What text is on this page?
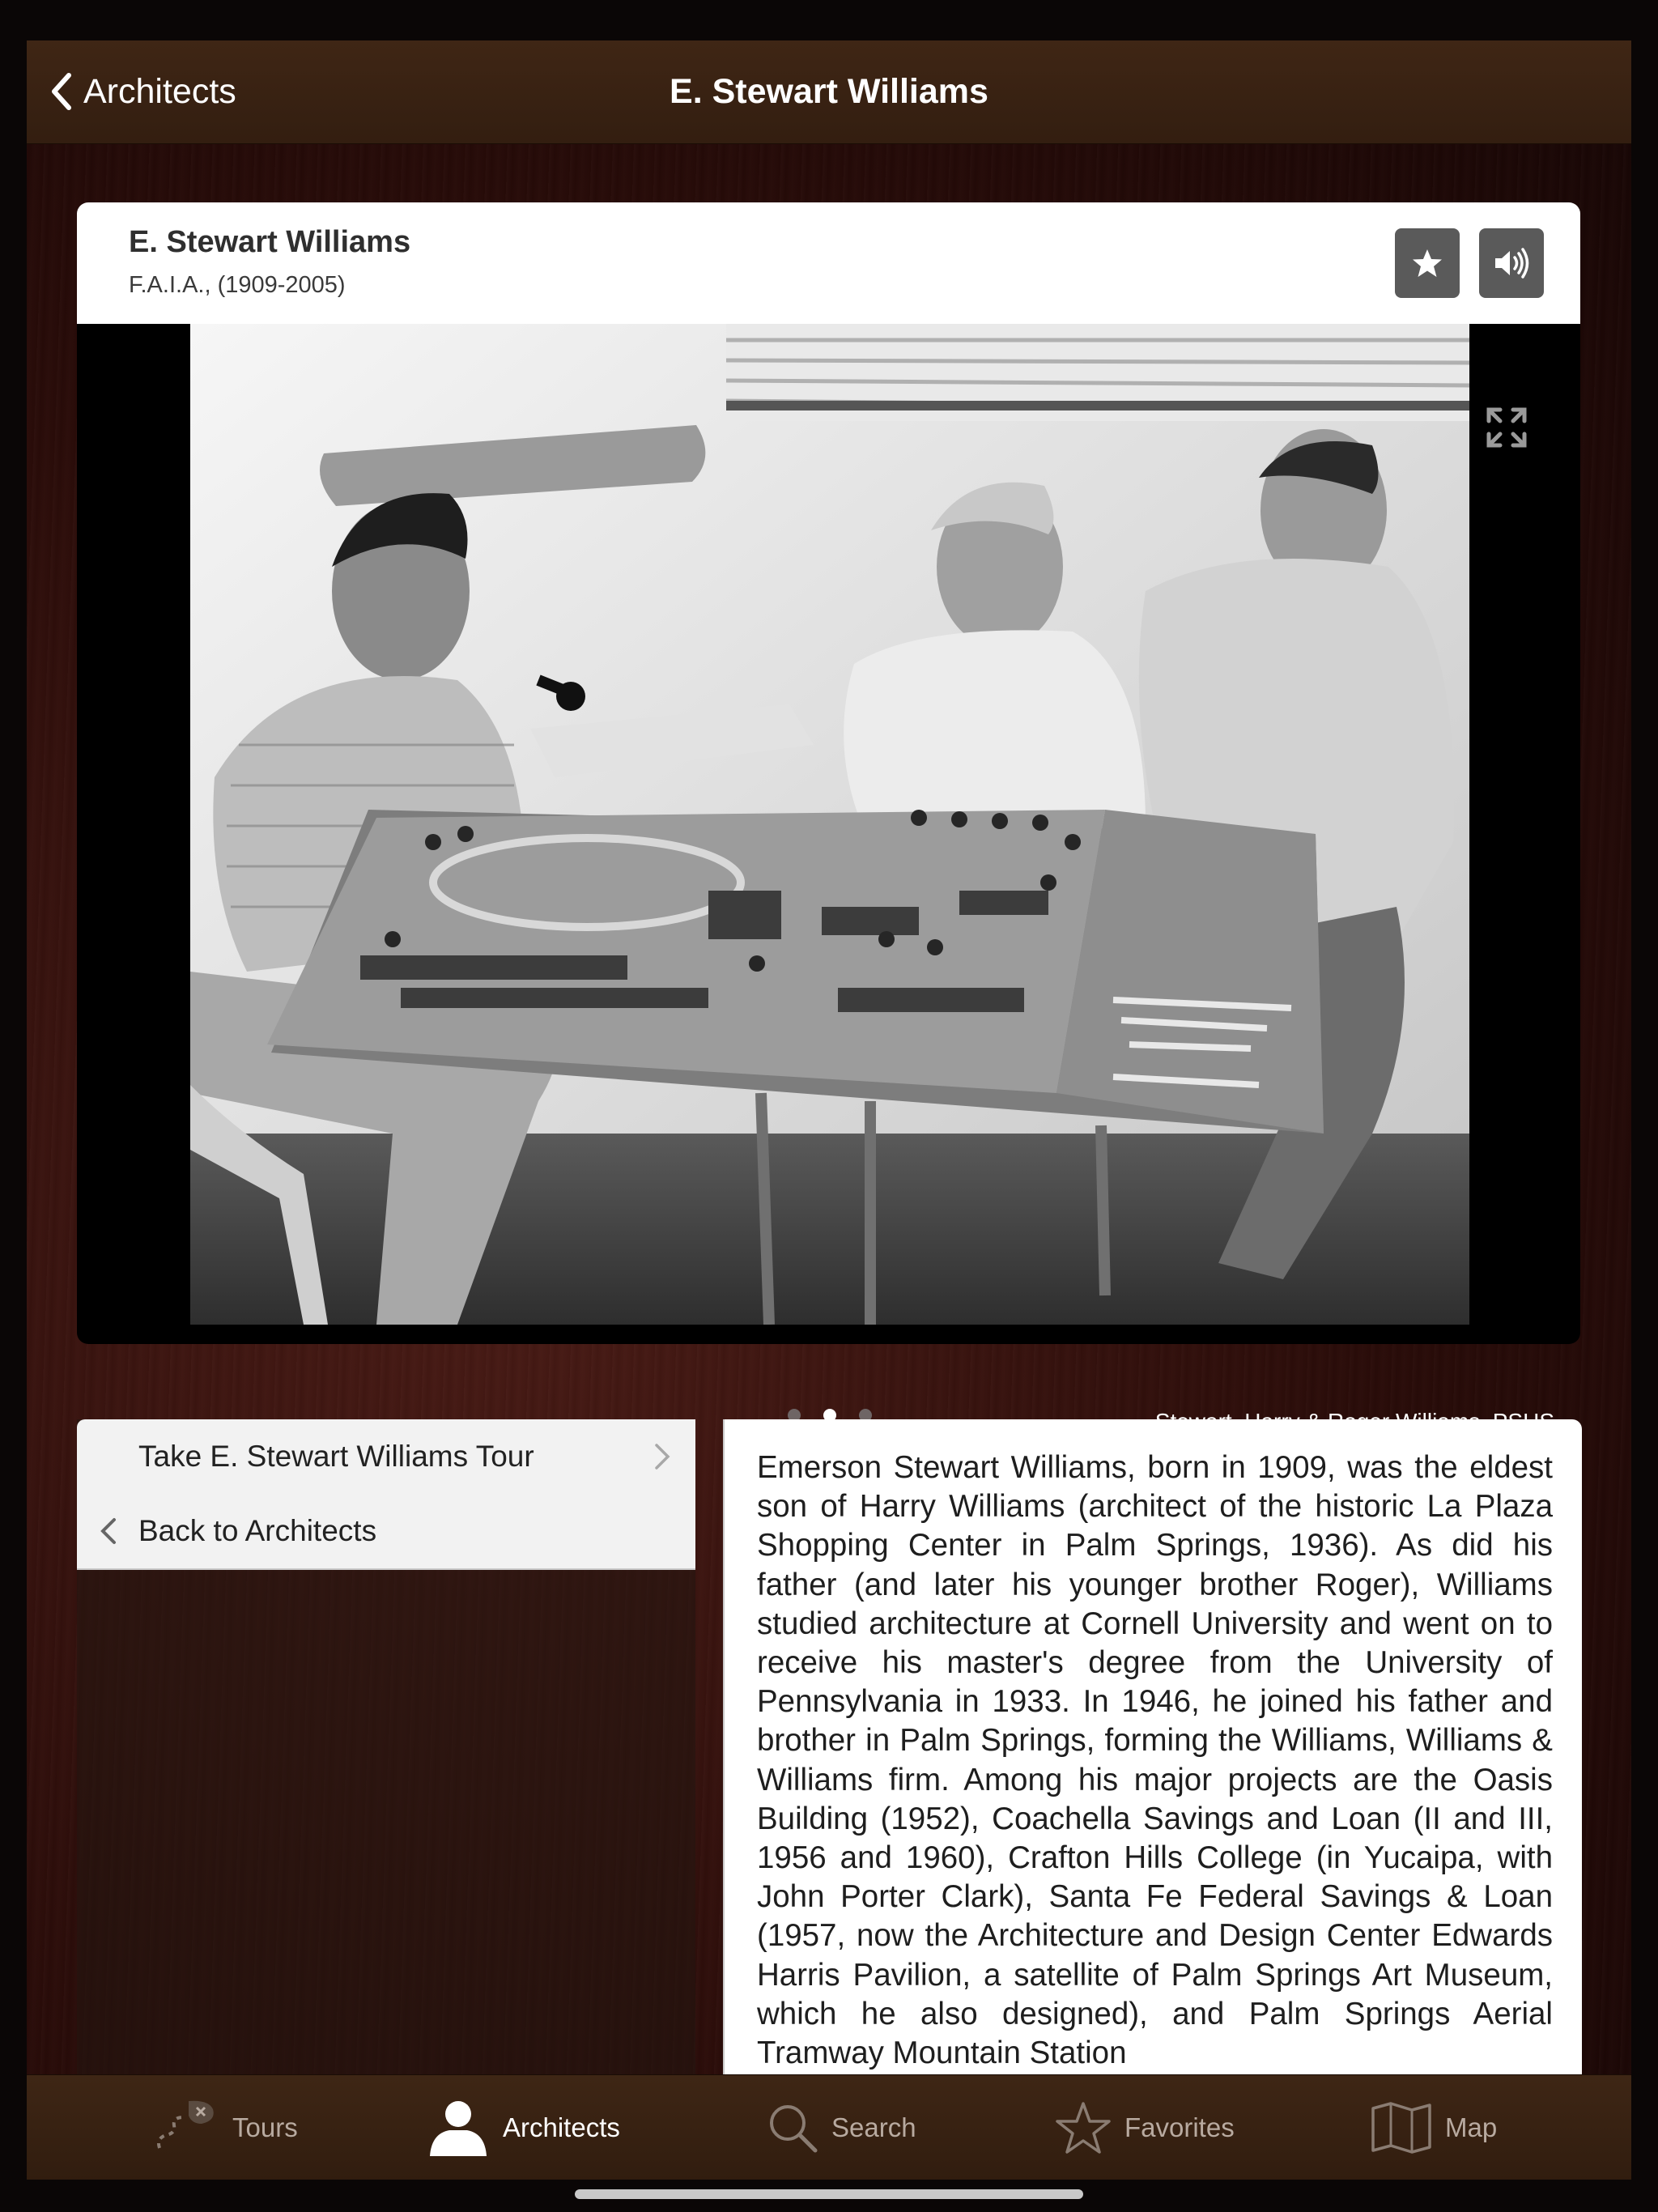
Architects	E. Stewart Williams
E. Stewart Williams
F.A.I.A., (1909-2005)
Take E. Stewart Williams Tour
Back to Architects

Emerson Stewart Williams, born in 1909, was the eldest son of Harry Williams (architect of the historic La Plaza Shopping Center in Palm Springs, 1936). As did his father (and later his younger brother Roger), Williams studied architecture at Cornell University and went on to receive his master's degree from the University of Pennsylvania in 1933. In 1946, he joined his father and brother in Palm Springs, forming the Williams, Williams & Williams firm. Among his major projects are the Oasis Building (1952), Coachella Savings and Loan (II and III, 1956 and 1960), Crafton Hills College (in Yucaipa, with John Porter Clark), Santa Fe Federal Savings & Loan (1957, now the Architecture and Design Center Edwards Harris Pavilion, a satellite of Palm Springs Art Museum, which he also designed), and Palm Springs Aerial Tramway Mountain Station

Tours	Architects	Search	Favorites	Map
